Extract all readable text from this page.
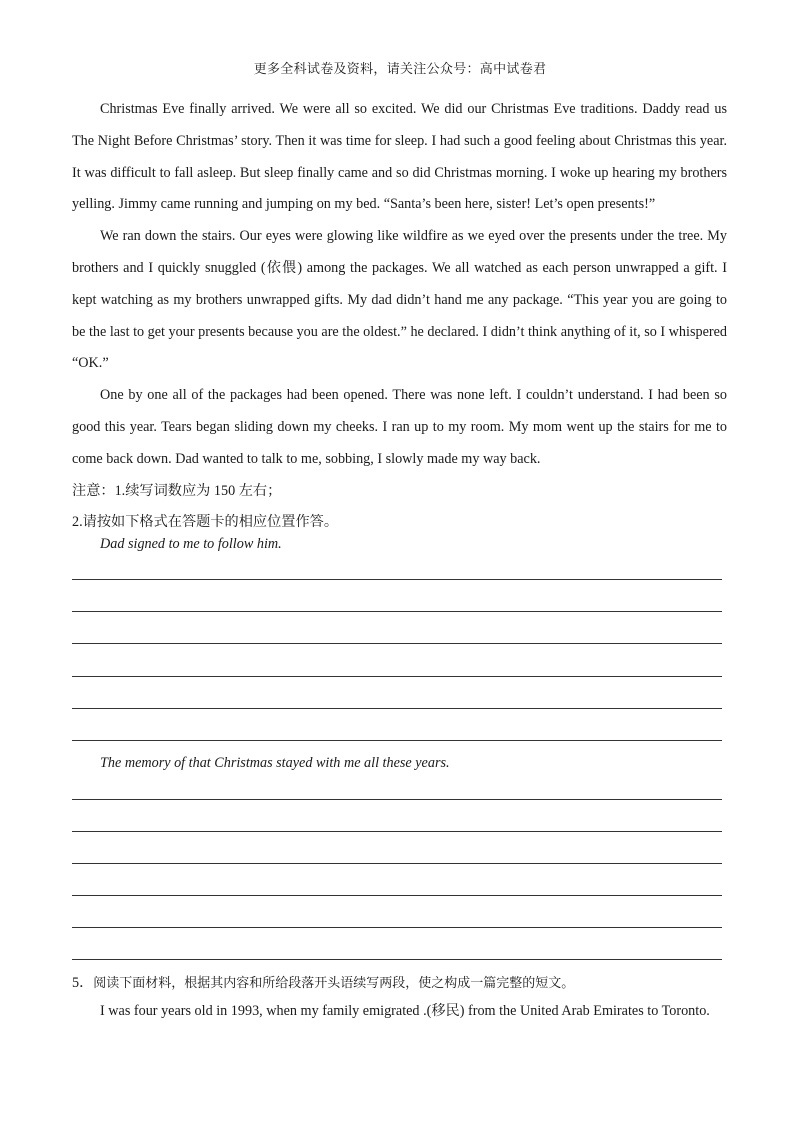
更多全科试卷及资料，请关注公众号：高中试卷君

Christmas Eve finally arrived. We were all so excited. We did our Christmas Eve traditions. Daddy read us The Night Before Christmas’ story. Then it was time for sleep. I had such a good feeling about Christmas this year. It was difficult to fall asleep. But sleep finally came and so did Christmas morning. I woke up hearing my brothers yelling. Jimmy came running and jumping on my bed. “Santa’s been here, sister! Let’s open presents!”

We ran down the stairs. Our eyes were glowing like wildfire as we eyed over the presents under the tree. My brothers and I quickly snuggled (依偎) among the packages. We all watched as each person unwrapped a gift. I kept watching as my brothers unwrapped gifts. My dad didn’t hand me any package. “This year you are going to be the last to get your presents because you are the oldest.” he declared. I didn’t think anything of it, so I whispered “OK.”

One by one all of the packages had been opened. There was none left. I couldn’t understand. I had been so good this year. Tears began sliding down my cheeks. I ran up to my room. My mom went up the stairs for me to come back down. Dad wanted to talk to me, sobbing, I slowly made my way back.

注意：1.续写词数应为 150 左右；

2.请按如下格式在答题卡的相应位置作答。

Dad signed to me to follow him.

The memory of that Christmas stayed with me all these years.

5．阅读下面材料，根据其内容和所给段落开头语续写两段，使之构成一篇完整的短文。

I was four years old in 1993, when my family emigrated .(移民) from the United Arab Emirates to Toronto.
